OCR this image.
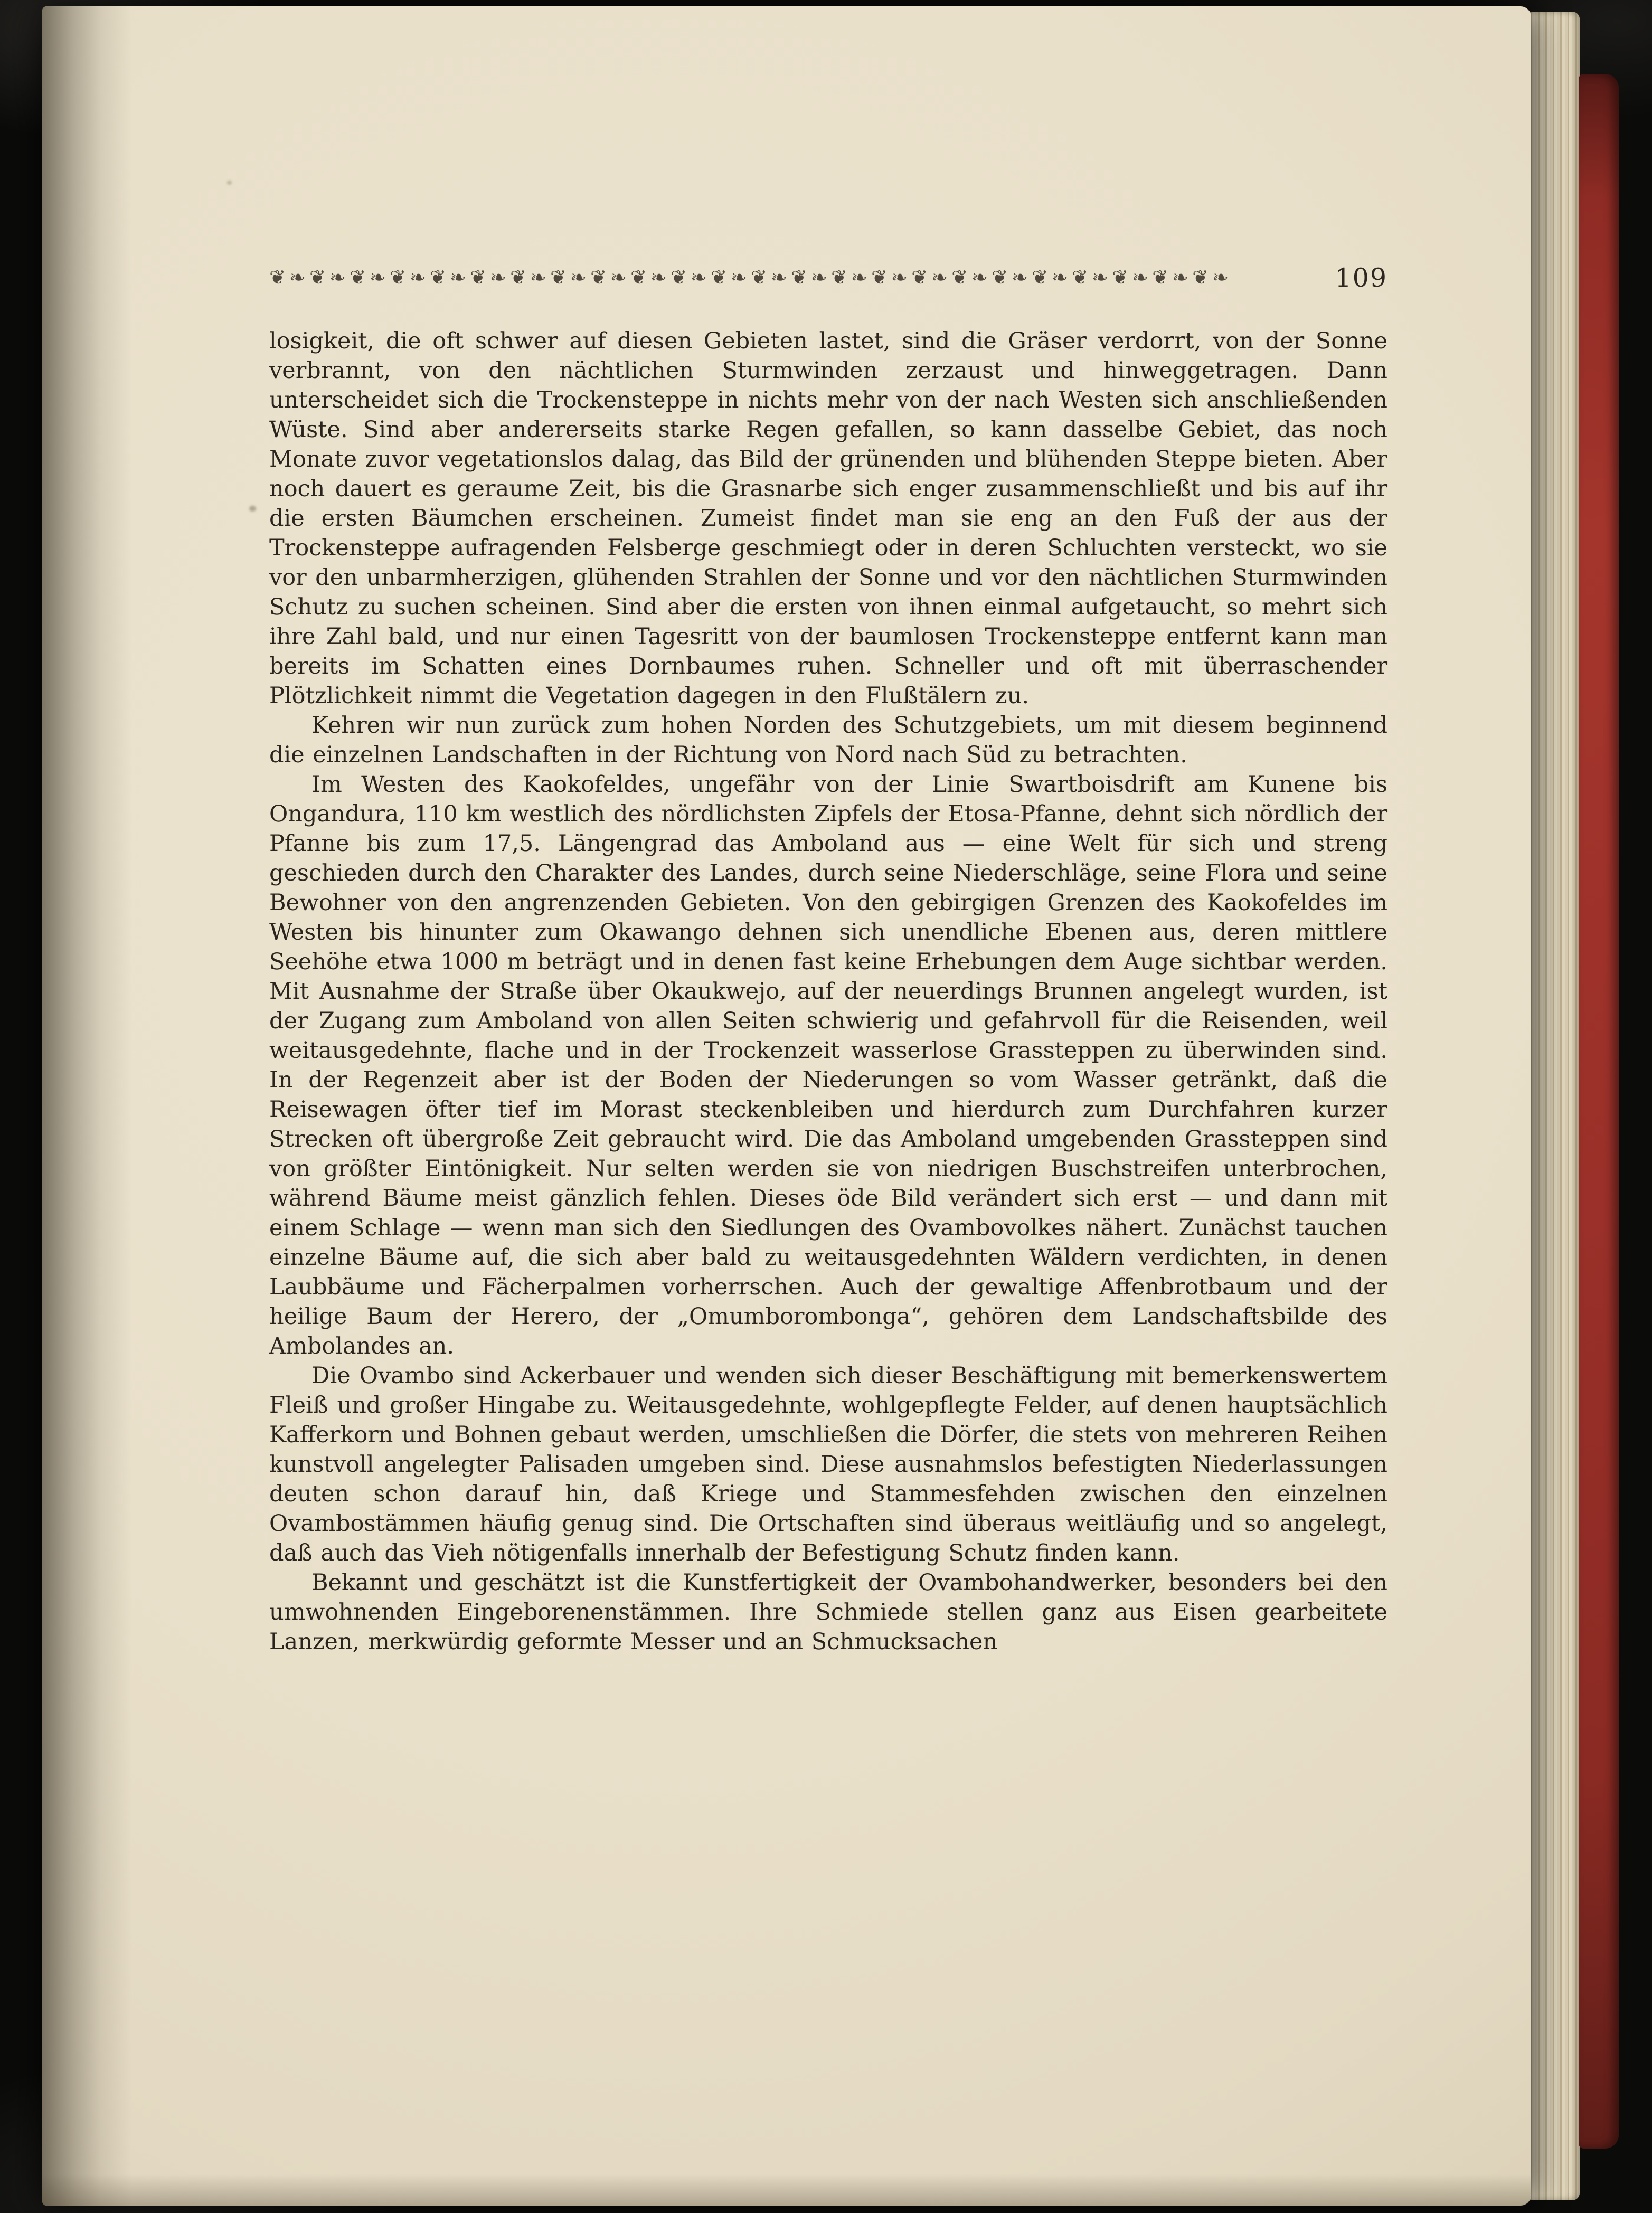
❦❧❦❧❦❧❦❧❦❧❦❧❦❧❦❧❦❧❦❧❦❧❦❧❦❧❦❧❦❧❦❧❦❧❦❧❦❧❦❧❦❧❦❧❦❧❦❧	109

losigkeit, die oft schwer auf diesen Gebieten lastet, sind die Gräser verdorrt, von der Sonne verbrannt, von den nächtlichen Sturmwinden zerzaust und hinweggetragen. Dann unterscheidet sich die Trockensteppe in nichts mehr von der nach Westen sich anschließenden Wüste. Sind aber andererseits starke Regen gefallen, so kann dasselbe Gebiet, das noch Monate zuvor vegetationslos dalag, das Bild der grünenden und blühenden Steppe bieten. Aber noch dauert es geraume Zeit, bis die Grasnarbe sich enger zusammenschließt und bis auf ihr die ersten Bäumchen erscheinen. Zumeist findet man sie eng an den Fuß der aus der Trockensteppe aufragenden Felsberge geschmiegt oder in deren Schluchten versteckt, wo sie vor den unbarmherzigen, glühenden Strahlen der Sonne und vor den nächtlichen Sturmwinden Schutz zu suchen scheinen. Sind aber die ersten von ihnen einmal aufgetaucht, so mehrt sich ihre Zahl bald, und nur einen Tagesritt von der baumlosen Trockensteppe entfernt kann man bereits im Schatten eines Dornbaumes ruhen. Schneller und oft mit überraschender Plötzlichkeit nimmt die Vegetation dagegen in den Flußtälern zu.

Kehren wir nun zurück zum hohen Norden des Schutzgebiets, um mit diesem beginnend die einzelnen Landschaften in der Richtung von Nord nach Süd zu betrachten.

Im Westen des Kaokofeldes, ungefähr von der Linie Swartboisdrift am Kunene bis Ongandura, 110 km westlich des nördlichsten Zipfels der Etosa-Pfanne, dehnt sich nördlich der Pfanne bis zum 17,5. Längengrad das Amboland aus — eine Welt für sich und streng geschieden durch den Charakter des Landes, durch seine Niederschläge, seine Flora und seine Bewohner von den angrenzenden Gebieten. Von den gebirgigen Grenzen des Kaokofeldes im Westen bis hinunter zum Okawango dehnen sich unendliche Ebenen aus, deren mittlere Seehöhe etwa 1000 m beträgt und in denen fast keine Erhebungen dem Auge sichtbar werden. Mit Ausnahme der Straße über Okaukwejo, auf der neuerdings Brunnen angelegt wurden, ist der Zugang zum Amboland von allen Seiten schwierig und gefahrvoll für die Reisenden, weil weitausgedehnte, flache und in der Trockenzeit wasserlose Grassteppen zu überwinden sind. In der Regenzeit aber ist der Boden der Niederungen so vom Wasser getränkt, daß die Reisewagen öfter tief im Morast steckenbleiben und hierdurch zum Durchfahren kurzer Strecken oft übergroße Zeit gebraucht wird. Die das Amboland umgebenden Grassteppen sind von größter Eintönigkeit. Nur selten werden sie von niedrigen Buschstreifen unterbrochen, während Bäume meist gänzlich fehlen. Dieses öde Bild verändert sich erst — und dann mit einem Schlage — wenn man sich den Siedlungen des Ovambovolkes nähert. Zunächst tauchen einzelne Bäume auf, die sich aber bald zu weitausgedehnten Wäldern verdichten, in denen Laubbäume und Fächerpalmen vorherrschen. Auch der gewaltige Affenbrotbaum und der heilige Baum der Herero, der „Omumborombonga“, gehören dem Landschaftsbilde des Ambolandes an.

Die Ovambo sind Ackerbauer und wenden sich dieser Beschäftigung mit bemerkenswertem Fleiß und großer Hingabe zu. Weitausgedehnte, wohlgepflegte Felder, auf denen hauptsächlich Kafferkorn und Bohnen gebaut werden, umschließen die Dörfer, die stets von mehreren Reihen kunstvoll angelegter Palisaden umgeben sind. Diese ausnahmslos befestigten Niederlassungen deuten schon darauf hin, daß Kriege und Stammesfehden zwischen den einzelnen Ovambostämmen häufig genug sind. Die Ortschaften sind überaus weitläufig und so angelegt, daß auch das Vieh nötigenfalls innerhalb der Befestigung Schutz finden kann.

Bekannt und geschätzt ist die Kunstfertigkeit der Ovambohandwerker, besonders bei den umwohnenden Eingeborenenstämmen. Ihre Schmiede stellen ganz aus Eisen gearbeitete Lanzen, merkwürdig geformte Messer und an Schmucksachen
